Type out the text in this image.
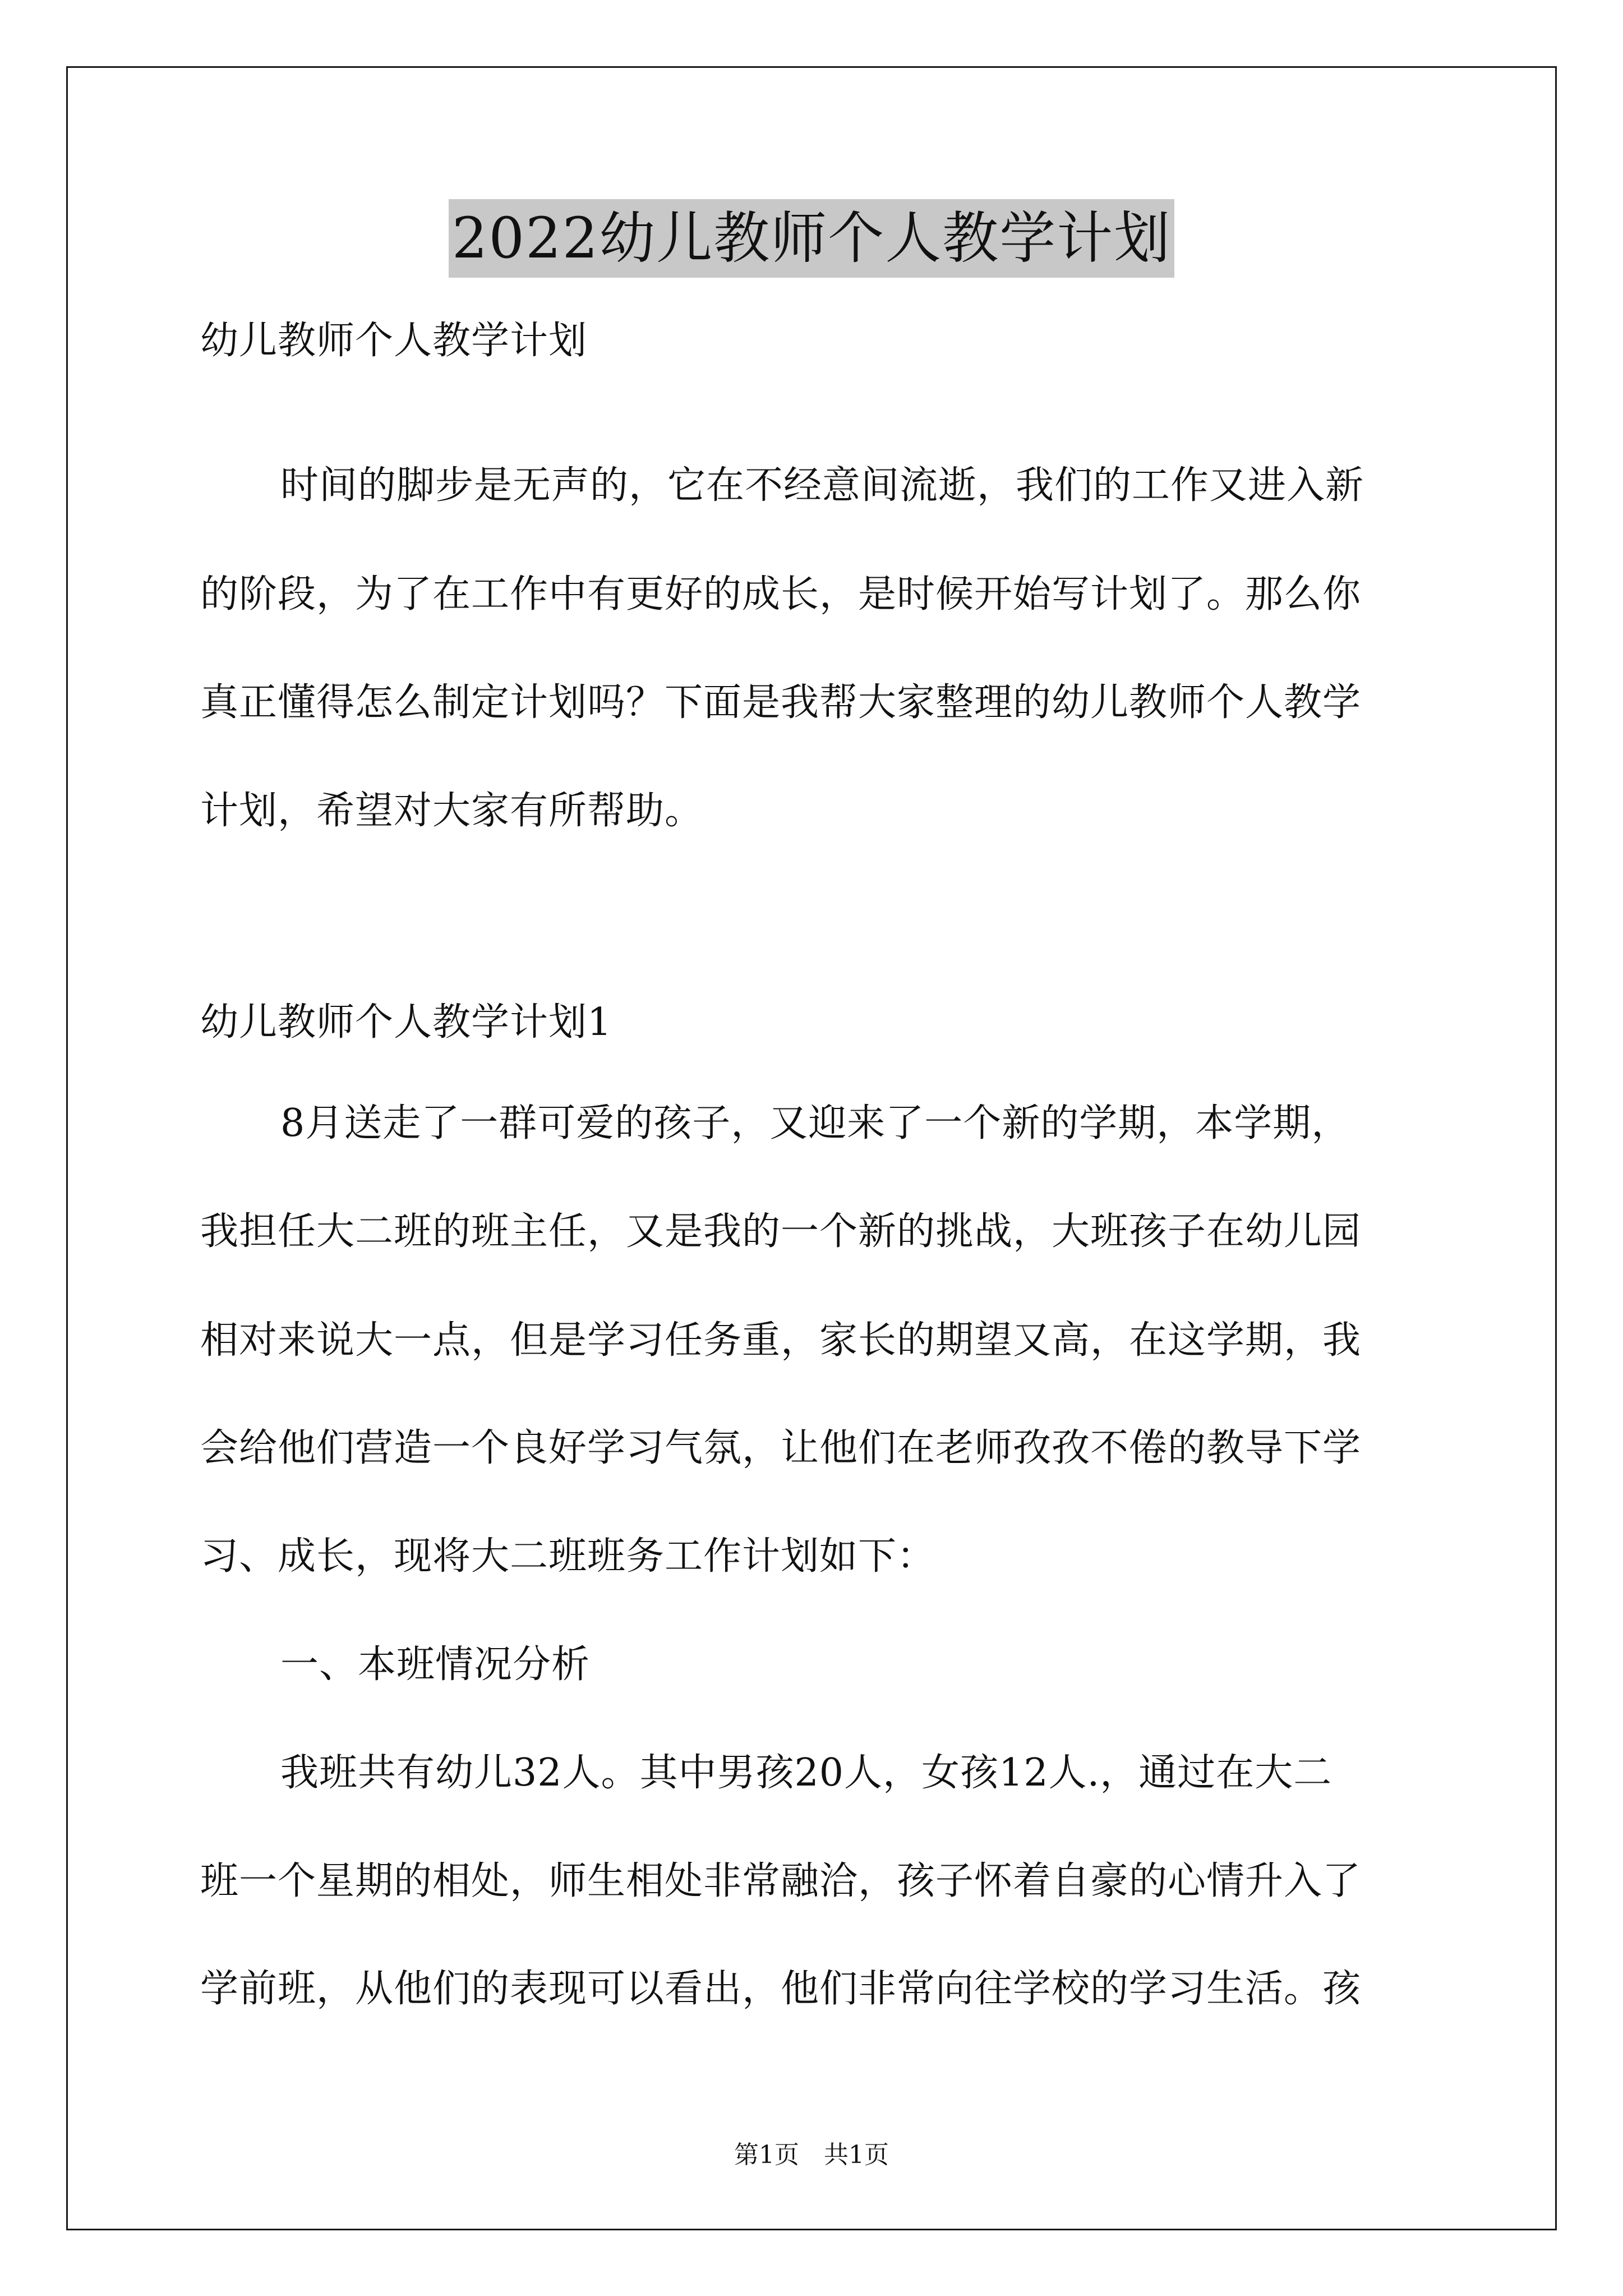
2022幼儿教师个人教学计划
幼儿教师个人教学计划
时间的脚步是无声的，它在不经意间流逝，我们的工作又进入新
的阶段，为了在工作中有更好的成长，是时候开始写计划了。那么你
真正懂得怎么制定计划吗？下面是我帮大家整理的幼儿教师个人教学
计划，希望对大家有所帮助。
幼儿教师个人教学计划1
8月送走了一群可爱的孩子，又迎来了一个新的学期，本学期，
我担任大二班的班主任，又是我的一个新的挑战，大班孩子在幼儿园
相对来说大一点，但是学习任务重，家长的期望又高，在这学期，我
会给他们营造一个良好学习气氛，让他们在老师孜孜不倦的教导下学
习、成长，现将大二班班务工作计划如下：
一、本班情况分析
我班共有幼儿32人。其中男孩20人，女孩12人.，通过在大二
班一个星期的相处，师生相处非常融洽，孩子怀着自豪的心情升入了
学前班，从他们的表现可以看出，他们非常向往学校的学习生活。孩
第1页 共1页
